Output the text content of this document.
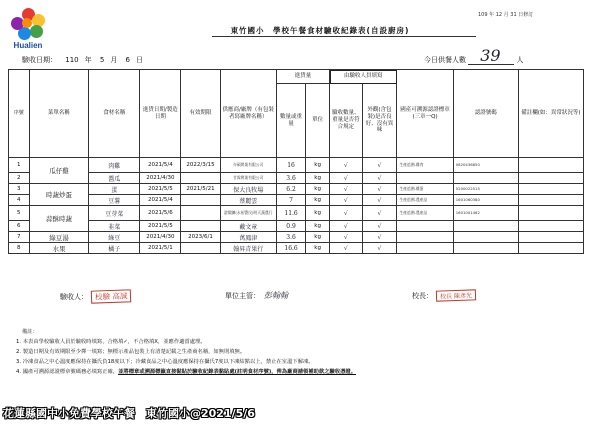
Hualien
109 年 12 月 31 日修訂
東竹國小　學校午餐食材驗收紀錄表(自設廚房)
驗收日期： 110 年 5 月 6 日	今日供餐人數 39 人
序號	菜單名稱	食材名稱	進貨日期/製造日期	有效期限	供應商/廠牌（有包裝者寫廠牌名稱）	進貨量		由驗收人員填寫		國產可溯源認證標章(三章一Q)	認證號碼	備註欄(如：異常狀況等)
						數量或重量	單位	驗收數量、重量是否符合規定	外觀(含包裝)是否良好、沒有異味			
1	瓜仔雞	肉雞	2021/5/4	2022/3/15	亦碩實業有限公司	16	kg	√	√	生產追溯-雞肉	0820436850	
2		醬瓜	2021/4/30		甘霖實業有限公司	3.6	kg	√	√			
3	時蔬炒蛋	蛋	2021/5/5	2021/5/21	保大良牧場	6.2	kg	√	√	生產追溯-雞蛋	5200022515	
4		豆薯	2021/5/4		蔡麗雲	7	kg	√	√	生產追溯-農產品	1601060380	
5	蒜酥時蔬	豆芽菜	2021/5/6		游儒鑛(永祐豐民)明天蔬農行	11.6	kg	√	√	生產追溯-農產品	1601001462	
6		韭菜	2021/5/5		戴文章	0.9	kg	√	√			
7	綠豆湯	綠豆	2021/4/30	2023/6/1	萬鳳津	3.6	kg	√	√			
8	水果	橘子	2021/5/1		翰昇青果行	16.6	kg	√	√			
驗收人： 校驗 高誠	單位主管： 彭翰翰	校長： 校長 陳彥光
備註：
1. 本表由學校驗收人員於驗收時填寫，合格填✓，不合格填X，並應作適當處理。
2. 製造日期及有效期限至少擇一填寫；無標示產品包裝上有清楚記載之生產商名稱，如無則填無。
3. 冷凍食品之中心溫度應保持在攝氏負18度以下；冷藏食品之中心溫度應保持在攝氏7度以下凍結點以上，禁止在室溫下解凍。
4. 國產可溯源認證標章號碼務必填寫正確，並將標章或溯源標籤直接黏貼於驗收紀錄表黏貼處(註明食材序號)，俾為廠商請領補助款之驗收憑證。
花蓮縣國中小免費學校午餐　東竹國小@2021/5/6
